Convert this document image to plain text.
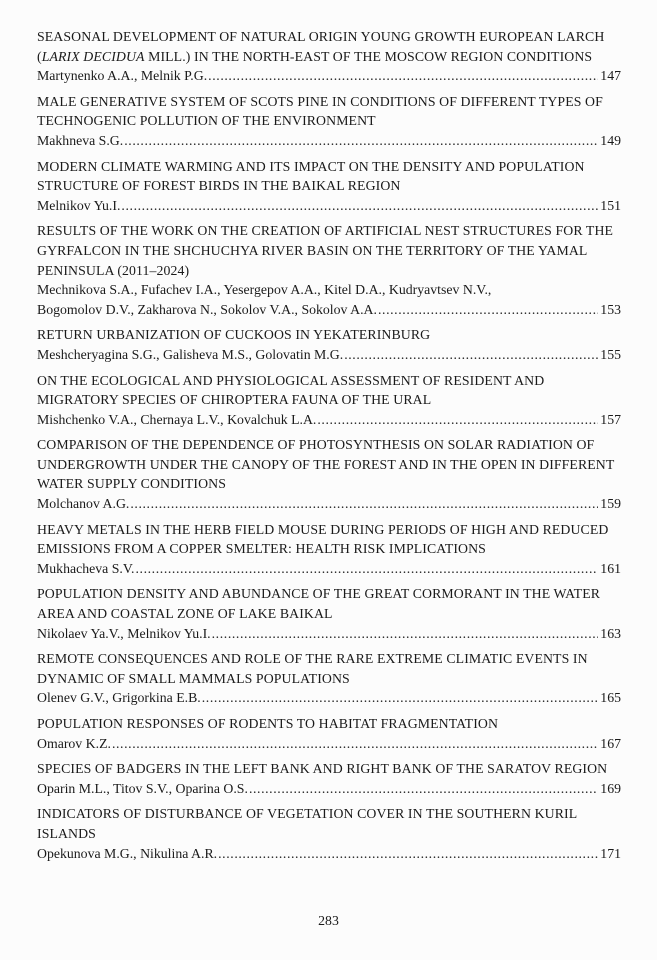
SEASONAL DEVELOPMENT OF NATURAL ORIGIN YOUNG GROWTH EUROPEAN LARCH (LARIX DECIDUA MILL.) IN THE NORTH-EAST OF THE MOSCOW REGION CONDITIONS
Martynenko A.A., Melnik P.G. .....	147
MALE GENERATIVE SYSTEM OF SCOTS PINE IN CONDITIONS OF DIFFERENT TYPES OF TECHNOGENIC POLLUTION OF THE ENVIRONMENT
Makhneva S.G. .....	149
MODERN CLIMATE WARMING AND ITS IMPACT ON THE DENSITY AND POPULATION STRUCTURE OF FOREST BIRDS IN THE BAIKAL REGION
Melnikov Yu.I. .....	151
RESULTS OF THE WORK ON THE CREATION OF ARTIFICIAL NEST STRUCTURES FOR THE GYRFALCON IN THE SHCHUCHYA RIVER BASIN ON THE TERRITORY OF THE YAMAL PENINSULA (2011–2024)
Mechnikova S.A., Fufachev I.A., Yesergepov A.A., Kitel D.A., Kudryavtsev N.V.,
Bogomolov D.V., Zakharova N., Sokolov V.A., Sokolov A.A. .....	153
RETURN URBANIZATION OF CUCKOOS IN YEKATERINBURG
Meshcheryagina S.G., Galisheva M.S., Golovatin M.G. .....	155
ON THE ECOLOGICAL AND PHYSIOLOGICAL ASSESSMENT OF RESIDENT AND MIGRATORY SPECIES OF CHIROPTERA FAUNA OF THE URAL
Mishchenko V.A., Chernaya L.V., Kovalchuk L.A. .....	157
COMPARISON OF THE DEPENDENCE OF PHOTOSYNTHESIS ON SOLAR RADIATION OF UNDERGROWTH UNDER THE CANOPY OF THE FOREST AND IN THE OPEN IN DIFFERENT WATER SUPPLY CONDITIONS
Molchanov A.G. .....	159
HEAVY METALS IN THE HERB FIELD MOUSE DURING PERIODS OF HIGH AND REDUCED EMISSIONS FROM A COPPER SMELTER: HEALTH RISK IMPLICATIONS
Mukhacheva S.V. .....	161
POPULATION DENSITY AND ABUNDANCE OF THE GREAT CORMORANT IN THE WATER AREA AND COASTAL ZONE OF LAKE BAIKAL
Nikolaev Ya.V., Melnikov Yu.I. .....	163
REMOTE CONSEQUENCES AND ROLE OF THE RARE EXTREME CLIMATIC EVENTS IN DYNAMIC OF SMALL MAMMALS POPULATIONS
Olenev G.V., Grigorkina E.B. .....	165
POPULATION RESPONSES OF RODENTS TO HABITAT FRAGMENTATION
Omarov K.Z. .....	167
SPECIES OF BADGERS IN THE LEFT BANK AND RIGHT BANK OF THE SARATOV REGION
Oparin M.L., Titov S.V., Oparina O.S. .....	169
INDICATORS OF DISTURBANCE OF VEGETATION COVER IN THE SOUTHERN KURIL ISLANDS
Opekunova M.G., Nikulina A.R. .....	171
283
